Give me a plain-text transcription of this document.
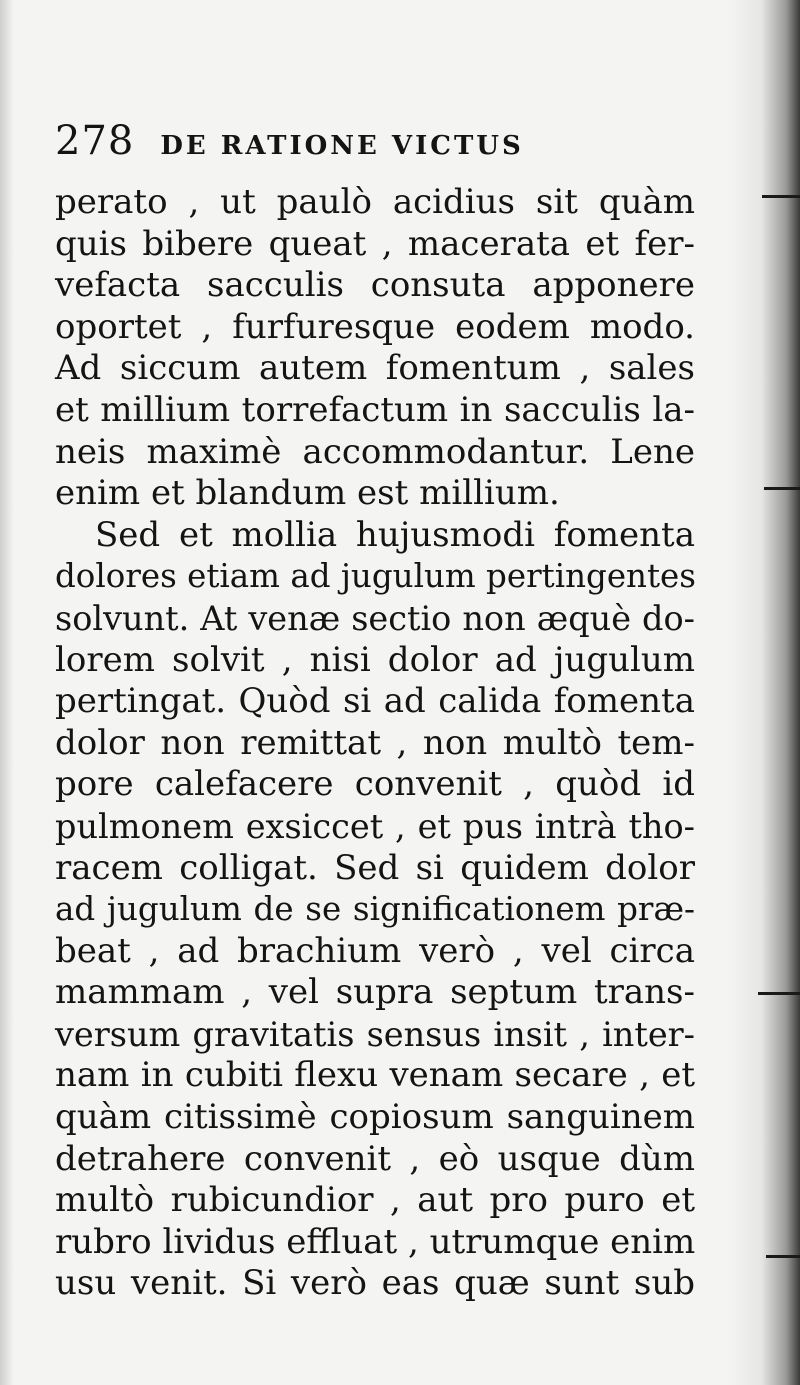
278 DE RATIONE VICTUS
perato , ut paulò acidius sit quàm
quis bibere queat , macerata et fer-
vefacta sacculis consuta apponere
oportet , furfuresque eodem modo.
Ad siccum autem fomentum , sales
et millium torrefactum in sacculis la-
neis maximè accommodantur. Lene
enim et blandum est millium.
Sed et mollia hujusmodi fomenta
dolores etiam ad jugulum pertingentes
solvunt. At venæ sectio non æquè do-
lorem solvit , nisi dolor ad jugulum
pertingat. Quòd si ad calida fomenta
dolor non remittat , non multò tem-
pore calefacere convenit , quòd id
pulmonem exsiccet , et pus intrà tho-
racem colligat. Sed si quidem dolor
ad jugulum de se significationem præ-
beat , ad brachium verò , vel circa
mammam , vel supra septum trans-
versum gravitatis sensus insit , inter-
nam in cubiti flexu venam secare , et
quàm citissimè copiosum sanguinem
detrahere convenit , eò usque dùm
multò rubicundior , aut pro puro et
rubro lividus effluat , utrumque enim
usu venit. Si verò eas quæ sunt sub
